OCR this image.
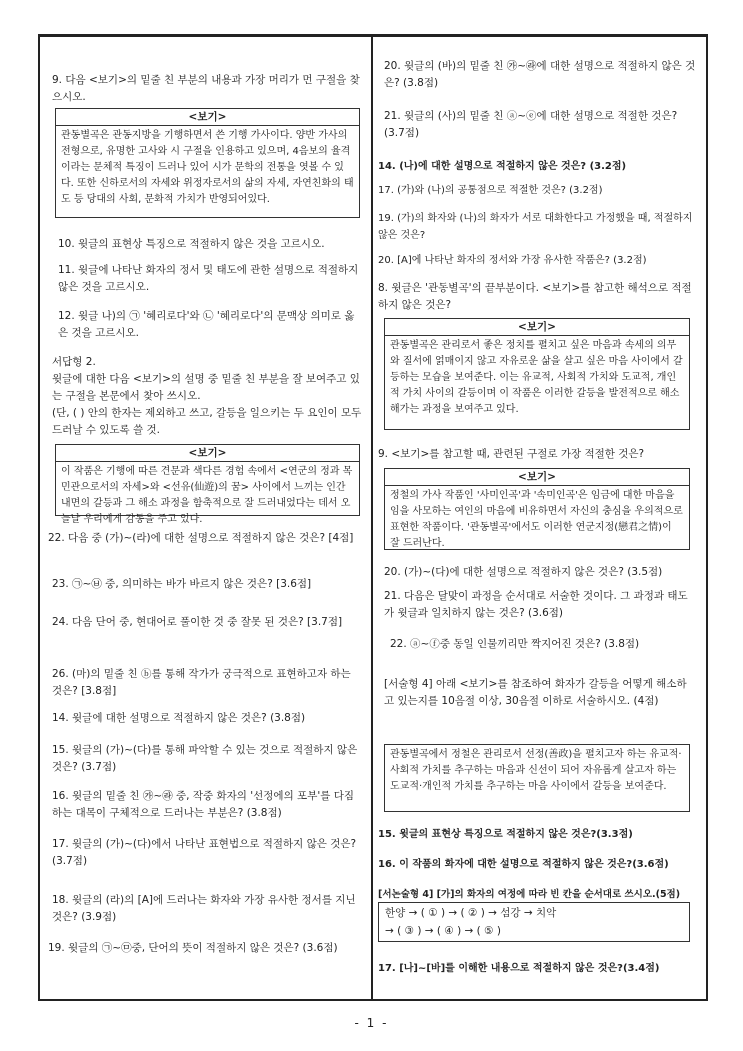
9. 다음 <보기>의 밑줄 친 부분의 내용과 가장 머리가 먼 구절을 찾으시오.
<보기>
관동별곡은 관동지방을 기행하면서 쓴 기행 가사이다. 양반 가사의 전형으로, 유명한 고사와 시 구절을 인용하고 있으며, 4음보의 율격이라는 문체적 특징이 드러나 있어 시가 문학의 전통을 엿볼 수 있다. 또한 신하로서의 자세와 위정자로서의 삶의 자세, 자연친화의 태도 등 당대의 사회, 문화적 가치가 반영되어있다.
10. 윗글의 표현상 특징으로 적절하지 않은 것을 고르시오.
11. 윗글에 나타난 화자의 정서 및 태도에 관한 설명으로 적절하지 않은 것을 고르시오.
12. 윗글 나)의 ㉠ '혜리로다'와 ㉡ '혜리로다'의 문맥상 의미로 옳은 것을 고르시오.
서답형 2.
윗글에 대한 다음 <보기>의 설명 중 밑줄 친 부분을 잘 보여주고 있는 구절을 본문에서 찾아 쓰시오.
(단, ( ) 안의 한자는 제외하고 쓰고, 갈등을 일으키는 두 요인이 모두 드러날 수 있도록 쓸 것.
<보기>
이 작품은 기행에 따른 견문과 색다른 경험 속에서 <연군의 정과 목민관으로서의 자세>와 <선유(仙遊)의 꿈> 사이에서 느끼는 인간 내면의 갈등과 그 해소 과정을 함축적으로 잘 드러내었다는 데서 오늘날 우리에게 감동을 주고 있다.
22. 다음 중 (가)~(라)에 대한 설명으로 적절하지 않은 것은? [4점]
23. ㉠~㉥ 중, 의미하는 바가 바르지 않은 것은? [3.6점]
24. 다음 단어 중, 현대어로 풀이한 것 중 잘못 된 것은? [3.7점]
26. (마)의 밑줄 친 ⓑ를 통해 작가가 궁극적으로 표현하고자 하는 것은? [3.8점]
14. 윗글에 대한 설명으로 적절하지 않은 것은? (3.8점)
15. 윗글의 (가)~(다)를 통해 파악할 수 있는 것으로 적절하지 않은 것은? (3.7점)
16. 윗글의 밑줄 친 ㉮~㉱ 중, 작중 화자의 '선정에의 포부'를 다짐하는 대목이 구체적으로 드러나는 부분은? (3.8점)
17. 윗글의 (가)~(다)에서 나타난 표현법으로 적절하지 않은 것은? (3.7점)
18. 윗글의 (라)의 [A]에 드러나는 화자와 가장 유사한 정서를 지닌 것은? (3.9점)
19. 윗글의 ㉠~㉤중, 단어의 뜻이 적절하지 않은 것은? (3.6점)
20. 윗글의 (바)의 밑줄 친 ㉮~㉱에 대한 설명으로 적절하지 않은 것은? (3.8점)
21. 윗글의 (사)의 밑줄 친 ⓐ~ⓔ에 대한 설명으로 적절한 것은? (3.7점)
14. (나)에 대한 설명으로 적절하지 않은 것은? (3.2점)
17. (가)와 (나)의 공통점으로 적절한 것은? (3.2점)
19. (가)의 화자와 (나)의 화자가 서로 대화한다고 가정했을 때, 적절하지 않은 것은?
20. [A]에 나타난 화자의 정서와 가장 유사한 작품은? (3.2점)
8. 윗글은 '관동별곡'의 끝부분이다. <보기>를 참고한 해석으로 적절하지 않은 것은?
<보기>
관동별곡은 관리로서 좋은 정치를 펼치고 싶은 마음과 속세의 의무와 질서에 얽매이지 않고 자유로운 삶을 살고 싶은 마음 사이에서 갈등하는 모습을 보여준다. 이는 유교적, 사회적 가치와 도교적, 개인적 가치 사이의 갈등이며 이 작품은 이러한 갈등을 발전적으로 해소해가는 과정을 보여주고 있다.
9. <보기>를 참고할 때, 관련된 구절로 가장 적절한 것은?
<보기>
정철의 가사 작품인 '사미인곡'과 '속미인곡'은 임금에 대한 마음을 임을 사모하는 여인의 마음에 비유하면서 자신의 충심을 우의적으로 표현한 작품이다. '관동별곡'에서도 이러한 연군지정(戀君之情)이 잘 드러난다.
20. (가)~(다)에 대한 설명으로 적절하지 않은 것은? (3.5점)
21. 다음은 달맞이 과정을 순서대로 서술한 것이다. 그 과정과 태도가 윗글과 일치하지 않는 것은? (3.6점)
22. ⓐ~ⓕ중 동일 인물끼리만 짝지어진 것은? (3.8점)
[서술형 4] 아래 <보기>를 참조하여 화자가 갈등을 어떻게 해소하고 있는지를 10음절 이상, 30음절 이하로 서술하시오. (4점)
관동별곡에서 정철은 관리로서 선정(善政)을 펼치고자 하는 유교적·사회적 가치를 추구하는 마음과 신선이 되어 자유롭게 살고자 하는 도교적·개인적 가치를 추구하는 마음 사이에서 갈등을 보여준다.
15. 윗글의 표현상 특징으로 적절하지 않은 것은?(3.3점)
16. 이 작품의 화자에 대한 설명으로 적절하지 않은 것은?(3.6점)
[서논술형 4] [가]의 화자의 여정에 따라 빈 칸을 순서대로 쓰시오.(5점)
한양 → ( ① ) → ( ② ) → 섬강 → 치악
→ ( ③ ) → ( ④ ) → ( ⑤ )
17. [나]~[바]를 이해한 내용으로 적절하지 않은 것은?(3.4점)
- 1 -
